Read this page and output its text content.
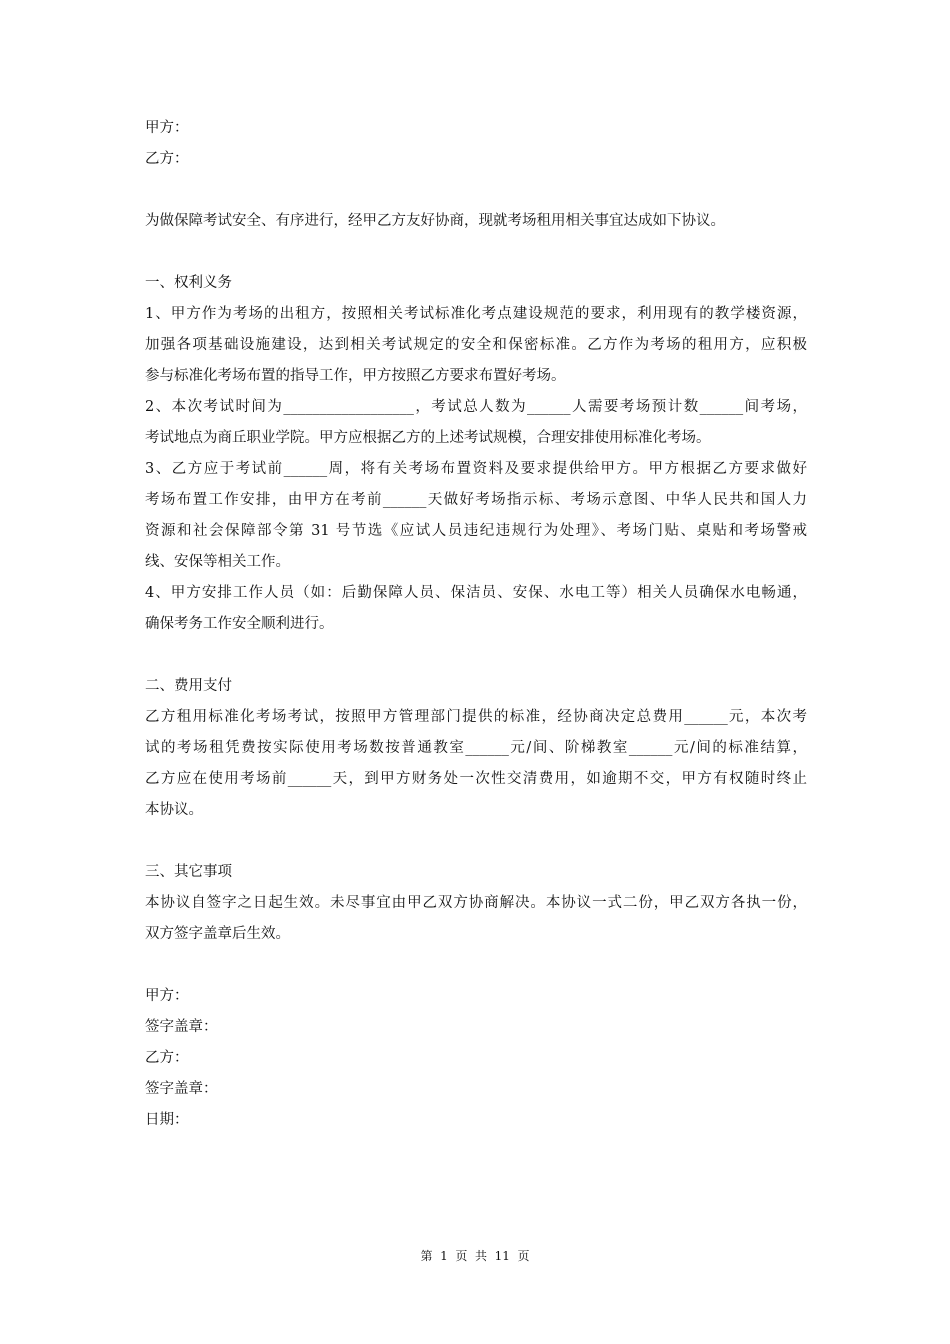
甲方：

乙方：

为做保障考试安全、有序进行，经甲乙方友好协商，现就考场租用相关事宜达成如下协议。

一、权利义务

1、甲方作为考场的出租方，按照相关考试标准化考点建设规范的要求，利用现有的教学楼资源，

加强各项基础设施建设，达到相关考试规定的安全和保密标准。乙方作为考场的租用方，应积极

参与标准化考场布置的指导工作，甲方按照乙方要求布置好考场。

2、本次考试时间为__________________，考试总人数为______人需要考场预计数______间考场，

考试地点为商丘职业学院。甲方应根据乙方的上述考试规模，合理安排使用标准化考场。

3、乙方应于考试前______周，将有关考场布置资料及要求提供给甲方。甲方根据乙方要求做好

考场布置工作安排，由甲方在考前______天做好考场指示标、考场示意图、中华人民共和国人力

资源和社会保障部令第 31 号节选《应试人员违纪违规行为处理》、考场门贴、桌贴和考场警戒

线、安保等相关工作。

4、甲方安排工作人员（如：后勤保障人员、保洁员、安保、水电工等）相关人员确保水电畅通，

确保考务工作安全顺利进行。

二、费用支付

乙方租用标准化考场考试，按照甲方管理部门提供的标准，经协商决定总费用______元，本次考

试的考场租凭费按实际使用考场数按普通教室______元/间、阶梯教室______元/间的标准结算，

乙方应在使用考场前______天，到甲方财务处一次性交清费用，如逾期不交，甲方有权随时终止

本协议。

三、其它事项

本协议自签字之日起生效。未尽事宜由甲乙双方协商解决。本协议一式二份，甲乙双方各执一份，

双方签字盖章后生效。

甲方：

签字盖章：

乙方：

签字盖章：

日期：

第  1  页  共  11  页
